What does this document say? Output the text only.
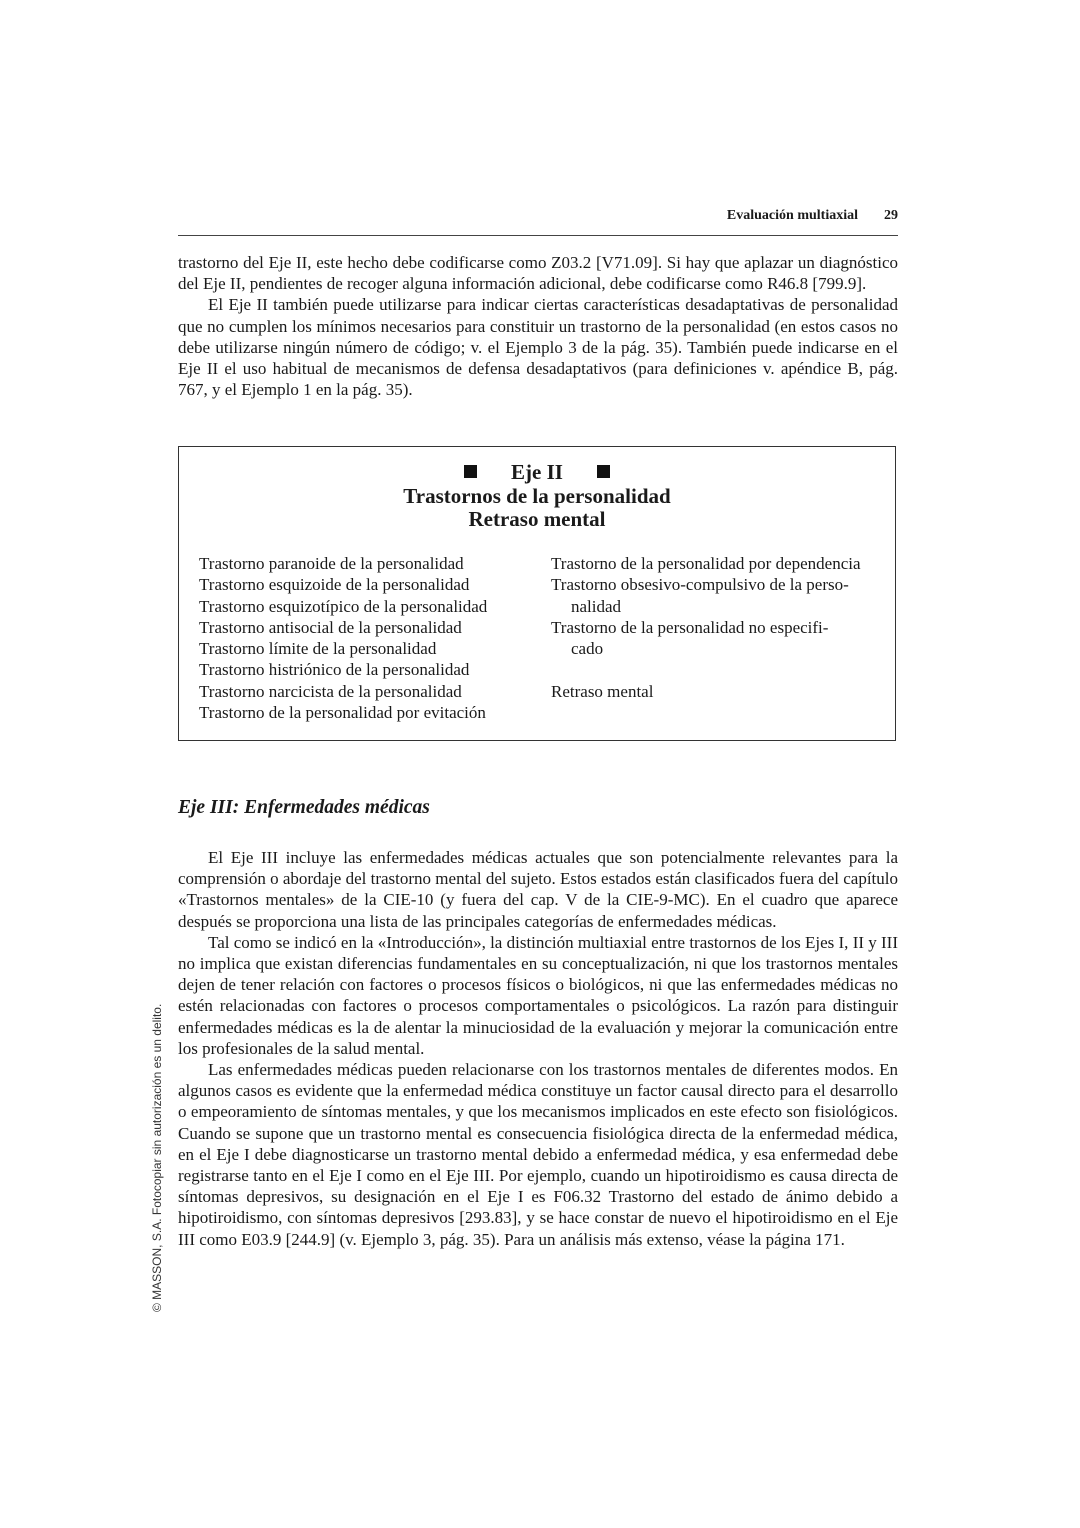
Evaluación multiaxial 29

trastorno del Eje II, este hecho debe codificarse como Z03.2 [V71.09]. Si hay que aplazar un diagnóstico del Eje II, pendientes de recoger alguna información adicional, debe codificarse como R46.8 [799.9].

El Eje II también puede utilizarse para indicar ciertas características desadaptativas de personalidad que no cumplen los mínimos necesarios para constituir un trastorno de la personalidad (en estos casos no debe utilizarse ningún número de código; v. el Ejemplo 3 de la pág. 35). También puede indicarse en el Eje II el uso habitual de mecanismos de defensa desadaptativos (para definiciones v. apéndice B, pág. 767, y el Ejemplo 1 en la pág. 35).

Eje II
Trastornos de la personalidad
Retraso mental
Trastorno paranoide de la personalidad
Trastorno esquizoide de la personalidad
Trastorno esquizotípico de la personalidad
Trastorno antisocial de la personalidad
Trastorno límite de la personalidad
Trastorno histriónico de la personalidad
Trastorno narcicista de la personalidad
Trastorno de la personalidad por evitación
Trastorno de la personalidad por dependencia
Trastorno obsesivo-compulsivo de la perso-
nalidad
Trastorno de la personalidad no especifi-
cado
Retraso mental
Eje III: Enfermedades médicas

El Eje III incluye las enfermedades médicas actuales que son potencialmente relevantes para la comprensión o abordaje del trastorno mental del sujeto. Estos estados están clasificados fuera del capítulo «Trastornos mentales» de la CIE-10 (y fuera del cap. V de la CIE-9-MC). En el cuadro que aparece después se proporciona una lista de las principales categorías de enfermedades médicas.

Tal como se indicó en la «Introducción», la distinción multiaxial entre trastornos de los Ejes I, II y III no implica que existan diferencias fundamentales en su conceptualización, ni que los trastornos mentales dejen de tener relación con factores o procesos físicos o biológicos, ni que las enfermedades médicas no estén relacionadas con factores o procesos comportamentales o psicológicos. La razón para distinguir enfermedades médicas es la de alentar la minuciosidad de la evaluación y mejorar la comunicación entre los profesionales de la salud mental.

Las enfermedades médicas pueden relacionarse con los trastornos mentales de diferentes modos. En algunos casos es evidente que la enfermedad médica constituye un factor causal directo para el desarrollo o empeoramiento de síntomas mentales, y que los mecanismos implicados en este efecto son fisiológicos. Cuando se supone que un trastorno mental es consecuencia fisiológica directa de la enfermedad médica, en el Eje I debe diagnosticarse un trastorno mental debido a enfermedad médica, y esa enfermedad debe registrarse tanto en el Eje I como en el Eje III. Por ejemplo, cuando un hipotiroidismo es causa directa de síntomas depresivos, su designación en el Eje I es F06.32 Trastorno del estado de ánimo debido a hipotiroidismo, con síntomas depresivos [293.83], y se hace constar de nuevo el hipotiroidismo en el Eje III como E03.9 [244.9] (v. Ejemplo 3, pág. 35). Para un análisis más extenso, véase la página 171.

© MASSON, S.A. Fotocopiar sin autorización es un delito.
